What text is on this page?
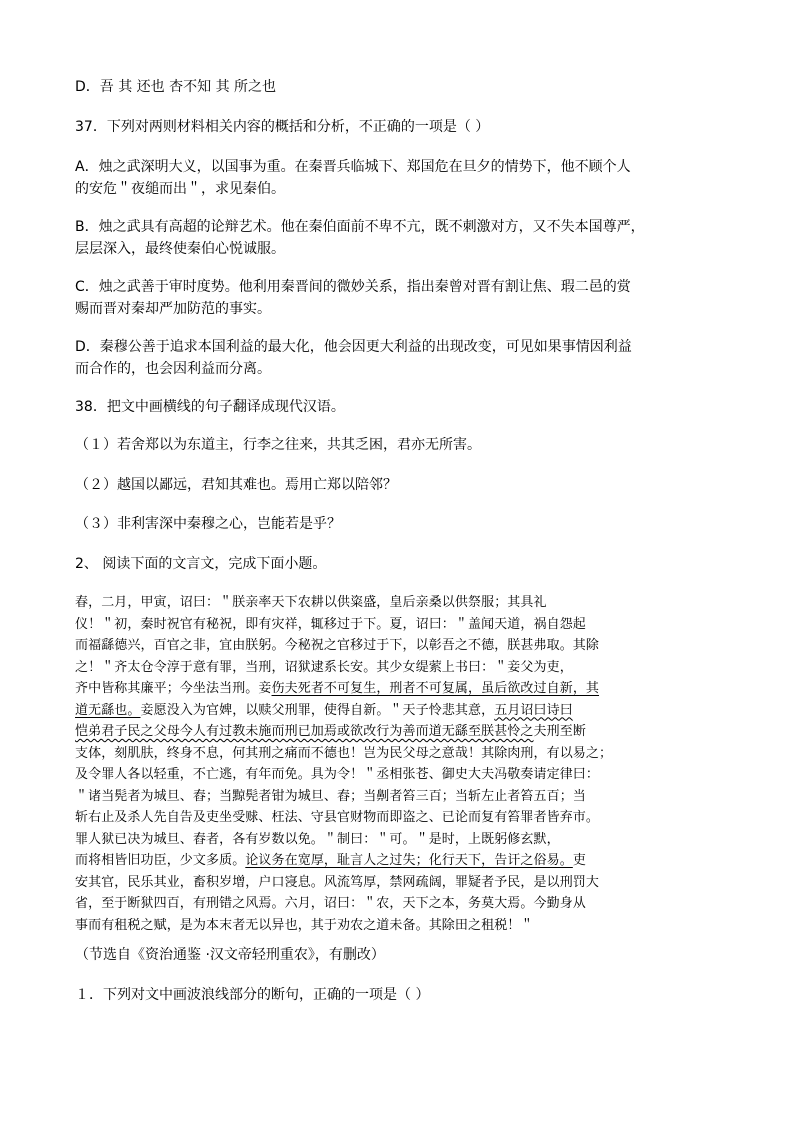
D．吾 其 还也 杏不知 其 所之也
37．下列对两则材料相关内容的概括和分析，不正确的一项是（ ）
A．烛之武深明大义，以国事为重。在秦晋兵临城下、郑国危在旦夕的情势下，他不顾个人
的安危＂夜缒而出＂，求见秦伯。
B．烛之武具有高超的论辩艺术。他在秦伯面前不卑不亢，既不刺激对方，又不失本国尊严，
层层深入，最终使秦伯心悦诚服。
C．烛之武善于审时度势。他利用秦晋间的微妙关系，指出秦曾对晋有割让焦、瑕二邑的赏
赐而晋对秦却严加防范的事实。
D．秦穆公善于追求本国利益的最大化，他会因更大利益的出现改变，可见如果事情因利益
而合作的，也会因利益而分离。
38．把文中画横线的句子翻译成现代汉语。
（１）若舍郑以为东道主，行李之往来，共其乏困，君亦无所害。
（２）越国以鄙远，君知其难也。焉用亡郑以陪邻？
（３）非利害深中秦穆之心，岂能若是乎？
2、 阅读下面的文言文，完成下面小题。
春，二月，甲寅，诏曰：＂朕亲率天下农耕以供粢盛，皇后亲桑以供祭服；其具礼
仪！＂初，秦时祝官有秘祝，即有灾祥，辄移过于下。夏，诏曰：＂盖闻天道，祸自怨起
而福繇德兴，百官之非，宜由朕躬。今秘祝之官移过于下，以彰吾之不德，朕甚弗取。其除
之！＂齐太仓令淳于意有罪，当刑，诏狱逮系长安。其少女缇萦上书曰：＂妾父为吏，
齐中皆称其廉平；今坐法当刑。妾伤夫死者不可复生，刑者不可复属，虽后欲改过自新，其
道无繇也。妾愿没入为官婢，以赎父刑罪，使得自新。＂天子怜悲其意，五月诏曰诗曰
恺弟君子民之父母今人有过教未施而刑已加焉或欲改行为善而道无繇至朕甚怜之夫刑至断
支体，刻肌肤，终身不息，何其刑之痛而不德也！岂为民父母之意哉！其除肉刑，有以易之；
及令罪人各以轻重，不亡逃，有年而免。具为令！＂丞相张苍、御史大夫冯敬奏请定律曰：
＂诸当髡者为城旦、舂；当黥髡者钳为城旦、舂；当劓者笞三百；当斩左止者笞五百；当
斩右止及杀人先自告及吏坐受赇、枉法、守县官财物而即盗之、已论而复有笞罪者皆弃市。
罪人狱已决为城旦、舂者，各有岁数以免。＂制曰：＂可。＂是时，上既躬修玄默，
而将相皆旧功臣，少文多质。论议务在宽厚，耻言人之过失；化行天下，告讦之俗易。吏
安其官，民乐其业，畜积岁增，户口寖息。风流笃厚，禁网疏阔，罪疑者予民，是以刑罚大
省，至于断狱四百，有刑错之风焉。六月，诏曰：＂农，天下之本，务莫大焉。今勤身从
事而有租税之赋，是为本末者无以异也，其于劝农之道未备。其除田之租税！＂
（节选自《资治通鉴 ·汉文帝轻刑重农》，有删改）
１．下列对文中画波浪线部分的断句，正确的一项是（ ）
